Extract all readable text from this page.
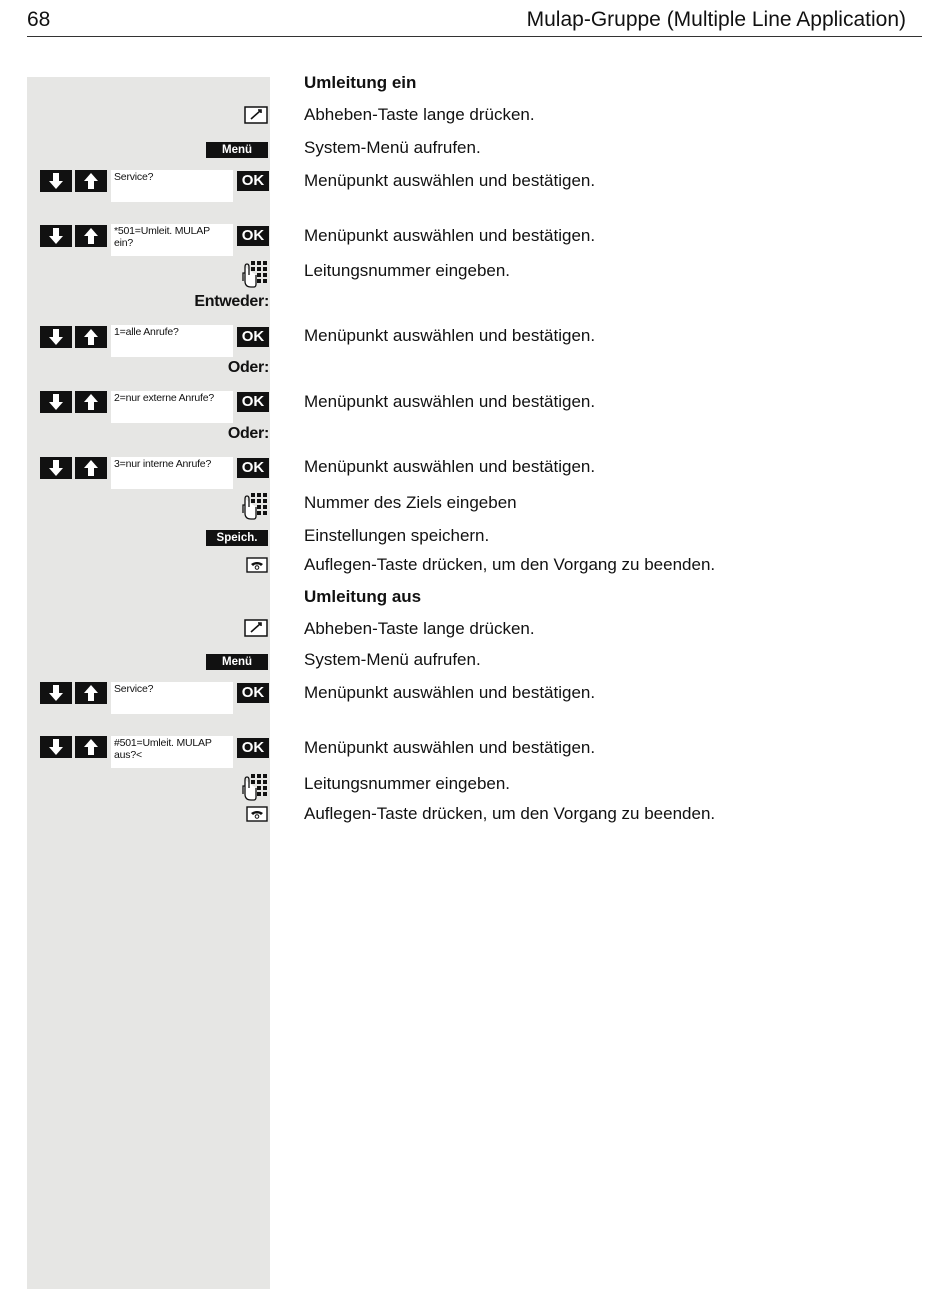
68	Mulap-Gruppe (Multiple Line Application)
Umleitung ein
Abheben-Taste lange drücken.
Menü	System-Menü aufrufen.
Service?	OK Menüpunkt auswählen und bestätigen.
*501=Umleit. MULAP ein?	OK Menüpunkt auswählen und bestätigen.
Leitungsnummer eingeben.
Entweder:
1=alle Anrufe?	OK Menüpunkt auswählen und bestätigen.
Oder:
2=nur externe Anrufe?	OK Menüpunkt auswählen und bestätigen.
Oder:
3=nur interne Anrufe?	OK Menüpunkt auswählen und bestätigen.
Nummer des Ziels eingeben
Speich.	Einstellungen speichern.
Auflegen-Taste drücken, um den Vorgang zu beenden.
Umleitung aus
Abheben-Taste lange drücken.
Menü	System-Menü aufrufen.
Service?	OK Menüpunkt auswählen und bestätigen.
#501=Umleit. MULAP
aus?<	OK Menüpunkt auswählen und bestätigen.
Leitungsnummer eingeben.
Auflegen-Taste drücken, um den Vorgang zu beenden.
